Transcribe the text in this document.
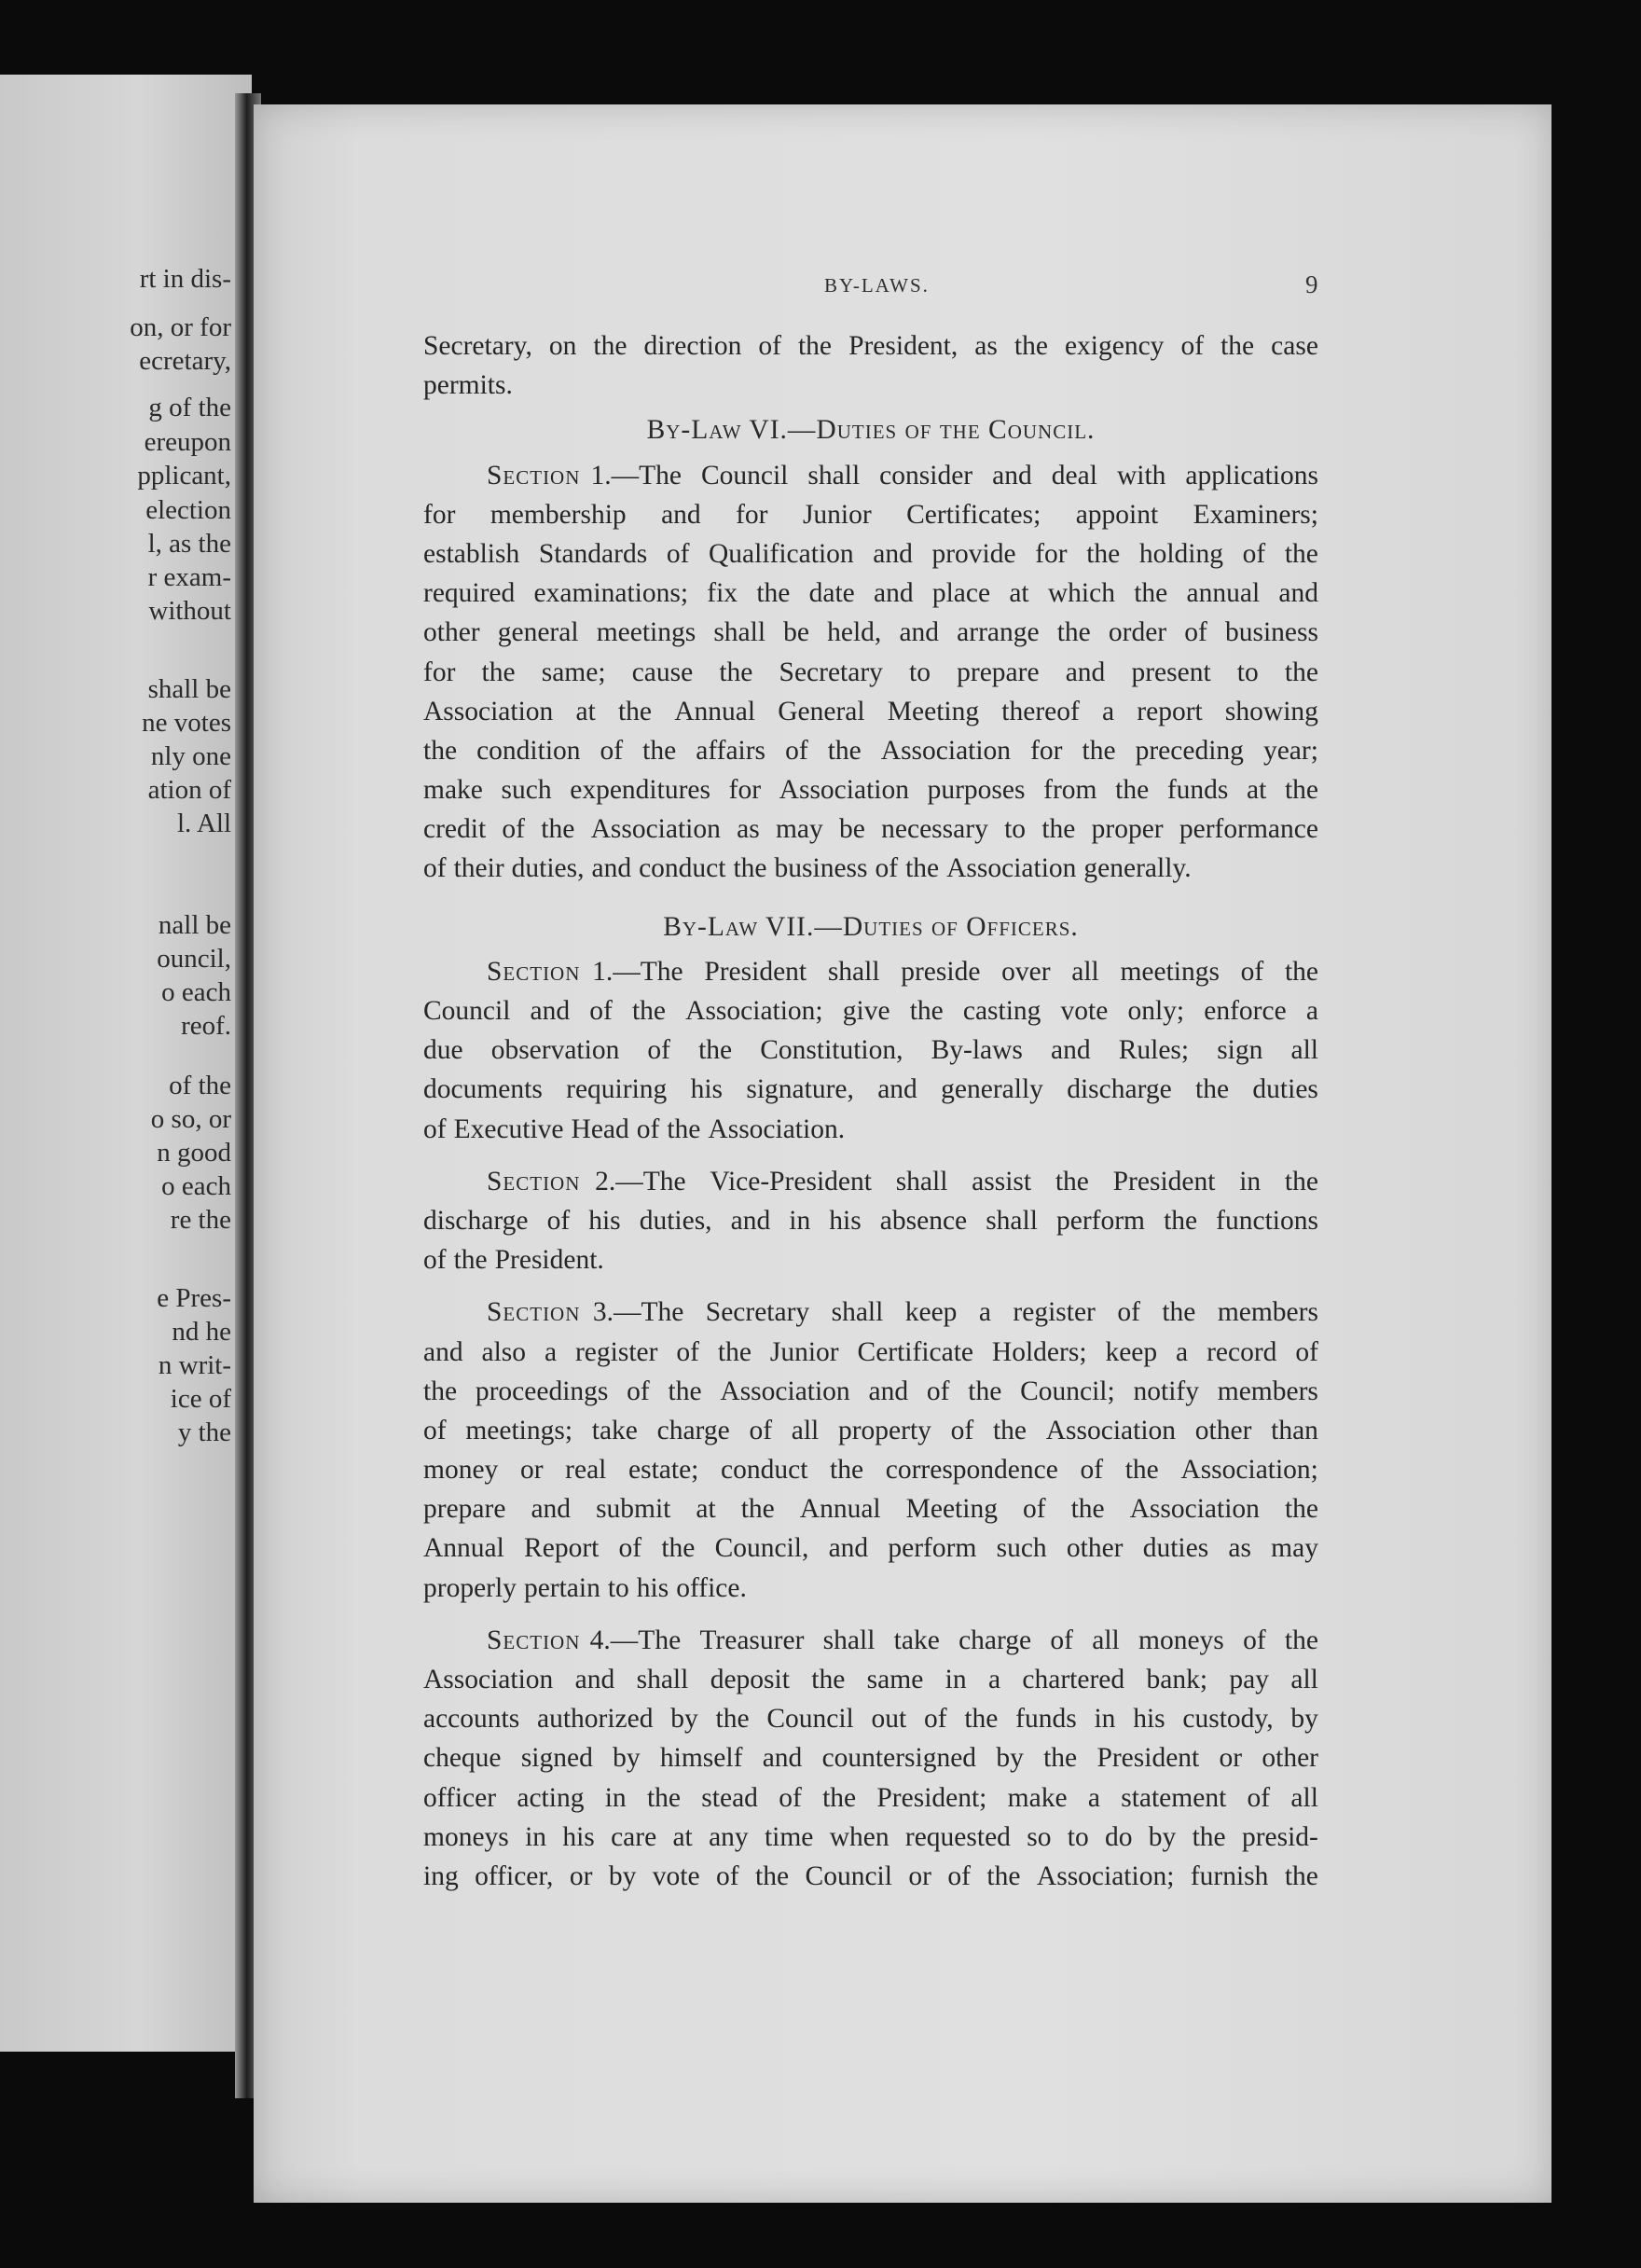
rt in dis-
on, or for
ecretary,
g of the
ereupon
pplicant,
election
l, as the
r exam-
without
shall be
ne votes
nly one
ation of
l. All
nall be
ouncil,
o each
reof.
of the
o so, or
n good
o each
re the
e Pres-
nd he
n writ-
ice of
y the
BY-LAWS.	9
Secretary, on the direction of the President, as the exigency of the case
permits.
By-Law VI.—Duties of the Council.
Section 1.—The Council shall consider and deal with applications
for membership and for Junior Certificates; appoint Examiners;
establish Standards of Qualification and provide for the holding of the
required examinations; fix the date and place at which the annual and
other general meetings shall be held, and arrange the order of business
for the same; cause the Secretary to prepare and present to the
Association at the Annual General Meeting thereof a report showing
the condition of the affairs of the Association for the preceding year;
make such expenditures for Association purposes from the funds at the
credit of the Association as may be necessary to the proper performance
of their duties, and conduct the business of the Association generally.
By-Law VII.—Duties of Officers.
Section 1.—The President shall preside over all meetings of the
Council and of the Association; give the casting vote only; enforce a
due observation of the Constitution, By-laws and Rules; sign all
documents requiring his signature, and generally discharge the duties
of Executive Head of the Association.
Section 2.—The Vice-President shall assist the President in the
discharge of his duties, and in his absence shall perform the functions
of the President.
Section 3.—The Secretary shall keep a register of the members
and also a register of the Junior Certificate Holders; keep a record of
the proceedings of the Association and of the Council; notify members
of meetings; take charge of all property of the Association other than
money or real estate; conduct the correspondence of the Association;
prepare and submit at the Annual Meeting of the Association the
Annual Report of the Council, and perform such other duties as may
properly pertain to his office.
Section 4.—The Treasurer shall take charge of all moneys of the
Association and shall deposit the same in a chartered bank; pay all
accounts authorized by the Council out of the funds in his custody, by
cheque signed by himself and countersigned by the President or other
officer acting in the stead of the President; make a statement of all
moneys in his care at any time when requested so to do by the presid-
ing officer, or by vote of the Council or of the Association; furnish the
